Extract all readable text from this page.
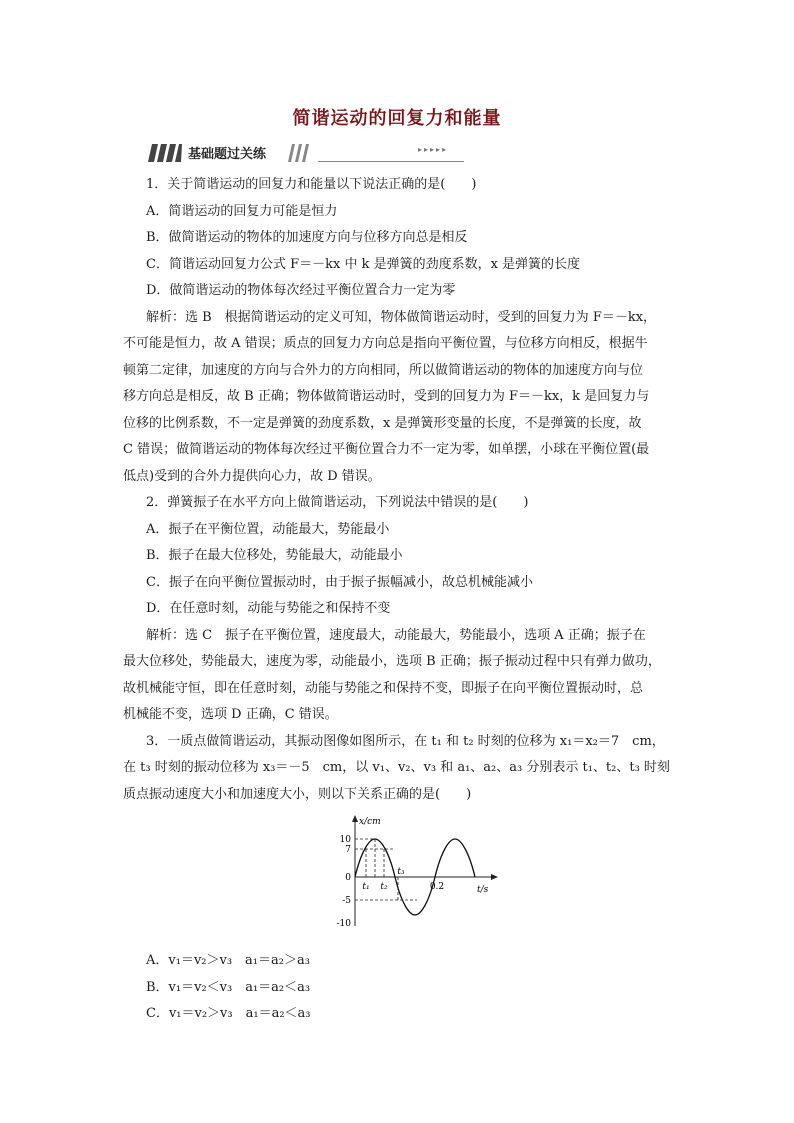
简谐运动的回复力和能量
基础题过关练	▸▸▸▸▸
1．关于简谐运动的回复力和能量以下说法正确的是(　　)
A．简谐运动的回复力可能是恒力
B．做简谐运动的物体的加速度方向与位移方向总是相反
C．简谐运动回复力公式 F＝－kx 中 k 是弹簧的劲度系数，x 是弹簧的长度
D．做简谐运动的物体每次经过平衡位置合力一定为零
解析：选 B　根据简谐运动的定义可知，物体做简谐运动时，受到的回复力为 F＝－kx，
不可能是恒力，故 A 错误；质点的回复力方向总是指向平衡位置，与位移方向相反，根据牛
顿第二定律，加速度的方向与合外力的方向相同，所以做简谐运动的物体的加速度方向与位
移方向总是相反，故 B 正确；物体做简谐运动时，受到的回复力为 F＝－kx，k 是回复力与
位移的比例系数，不一定是弹簧的劲度系数，x 是弹簧形变量的长度，不是弹簧的长度，故
C 错误；做简谐运动的物体每次经过平衡位置合力不一定为零，如单摆，小球在平衡位置(最
低点)受到的合外力提供向心力，故 D 错误。
2．弹簧振子在水平方向上做简谐运动，下列说法中错误的是(　　)
A．振子在平衡位置，动能最大，势能最小
B．振子在最大位移处，势能最大，动能最小
C．振子在向平衡位置振动时，由于振子振幅减小，故总机械能减小
D．在任意时刻，动能与势能之和保持不变
解析：选 C　振子在平衡位置，速度最大，动能最大，势能最小，选项 A 正确；振子在
最大位移处，势能最大，速度为零，动能最小，选项 B 正确；振子振动过程中只有弹力做功，
故机械能守恒，即在任意时刻，动能与势能之和保持不变，即振子在向平衡位置振动时，总
机械能不变，选项 D 正确，C 错误。
3．一质点做简谐运动，其振动图像如图所示，在 t₁ 和 t₂ 时刻的位移为 x₁＝x₂＝7　cm，
在 t₃ 时刻的振动位移为 x₃＝－5　cm，以 v₁、v₂、v₃ 和 a₁、a₂、a₃ 分别表示 t₁、t₂、t₃ 时刻
质点振动速度大小和加速度大小，则以下关系正确的是(　　)
x/cm
t/s
10
7
0
-5
-10
0.2
t₁ t₂
t₃
A．v₁＝v₂＞v₃　a₁＝a₂＞a₃
B．v₁＝v₂＜v₃　a₁＝a₂＜a₃
C．v₁＝v₂＞v₃　a₁＝a₂＜a₃
